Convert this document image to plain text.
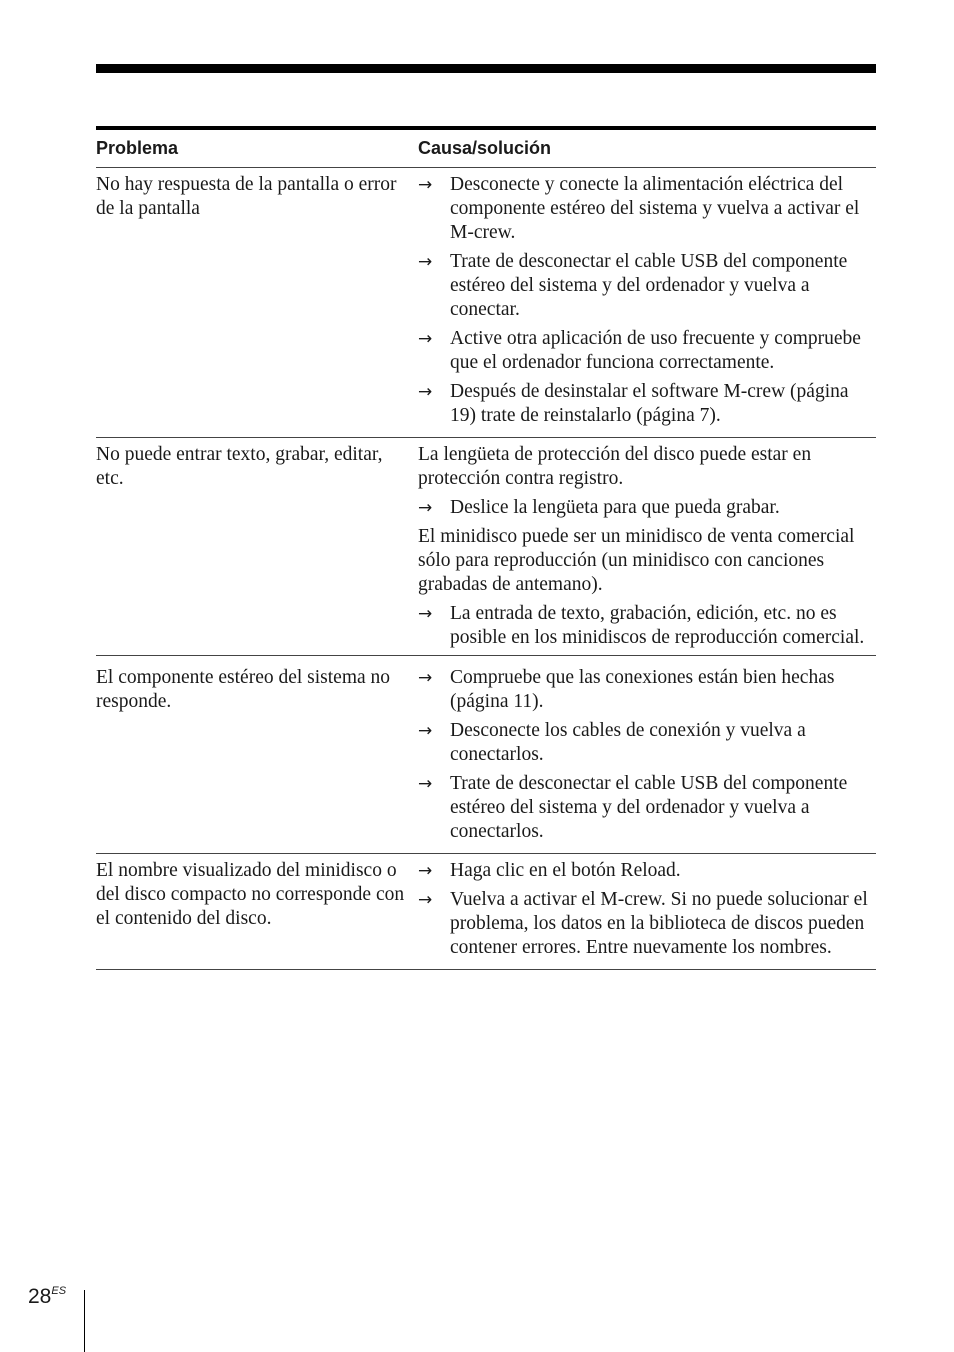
Problema	Causa/solución
No hay respuesta de la pantalla o error de la pantalla
→ Desconecte y conecte la alimentación eléctrica del componente estéreo del sistema y vuelva a activar el M-crew.
→ Trate de desconectar el cable USB del componente estéreo del sistema y del ordenador y vuelva a conectar.
→ Active otra aplicación de uso frecuente y compruebe que el ordenador funciona correctamente.
→ Después de desinstalar el software M-crew (página 19) trate de reinstalarlo (página 7).
No puede entrar texto, grabar, editar, etc.
La lengüeta de protección del disco puede estar en protección contra registro.
→ Deslice la lengüeta para que pueda grabar.
El minidisco puede ser un minidisco de venta comercial sólo para reproducción (un minidisco con canciones grabadas de antemano).
→ La entrada de texto, grabación, edición, etc. no es posible en los minidiscos de reproducción comercial.
El componente estéreo del sistema no responde.
→ Compruebe que las conexiones están bien hechas (página 11).
→ Desconecte los cables de conexión y vuelva a conectarlos.
→ Trate de desconectar el cable USB del componente estéreo del sistema y del ordenador y vuelva a conectarlos.
El nombre visualizado del minidisco o del disco compacto no corresponde con el contenido del disco.
→ Haga clic en el botón Reload.
→ Vuelva a activar el M-crew. Si no puede solucionar el problema, los datos en la biblioteca de discos pueden contener errores. Entre nuevamente los nombres.
$28^{ES}$
